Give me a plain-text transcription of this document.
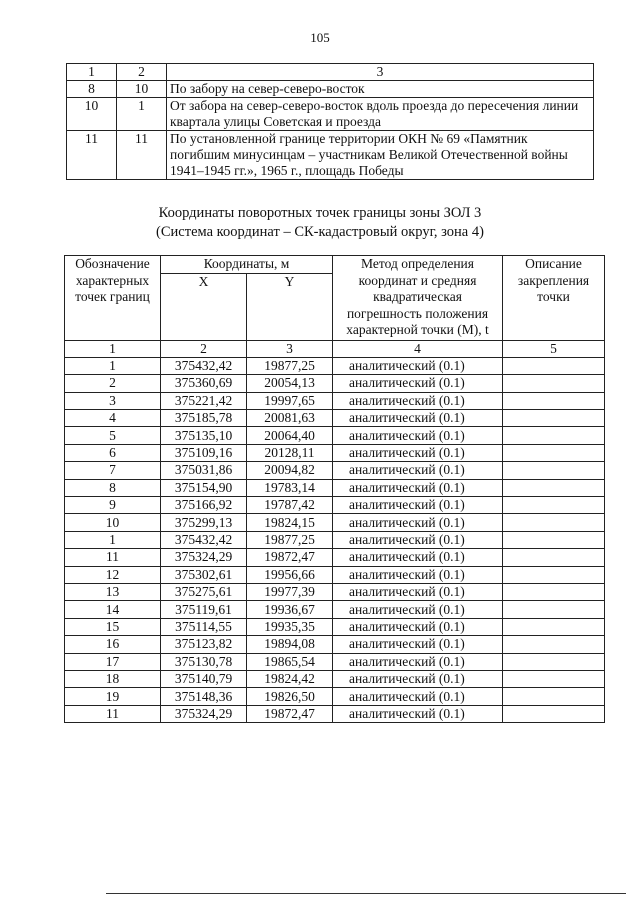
105
1	2	3
8	10	По забору на север-северо-восток
10	1	От забора на север-северо-восток вдоль проезда до пересечения линии квартала улицы Советская и проезда
11	11	По установленной границе территории ОКН № 69 «Памятник погибшим минусинцам – участникам Великой Отечественной войны 1941–1945 гг.», 1965 г., площадь Победы
Координаты поворотных точек границы зоны ЗОЛ 3
(Система координат – СК-кадастровый округ, зона 4)
Обозначение характерных точек границ	Координаты, м		Метод определения координат и средняя квадратическая погрешность положения характерной точки (М), t	Описание закрепления точки
	X	Y		
1	2	3	4	5
1	375432,42	19877,25	аналитический (0.1)	
2	375360,69	20054,13	аналитический (0.1)	
3	375221,42	19997,65	аналитический (0.1)	
4	375185,78	20081,63	аналитический (0.1)	
5	375135,10	20064,40	аналитический (0.1)	
6	375109,16	20128,11	аналитический (0.1)	
7	375031,86	20094,82	аналитический (0.1)	
8	375154,90	19783,14	аналитический (0.1)	
9	375166,92	19787,42	аналитический (0.1)	
10	375299,13	19824,15	аналитический (0.1)	
1	375432,42	19877,25	аналитический (0.1)	
11	375324,29	19872,47	аналитический (0.1)	
12	375302,61	19956,66	аналитический (0.1)	
13	375275,61	19977,39	аналитический (0.1)	
14	375119,61	19936,67	аналитический (0.1)	
15	375114,55	19935,35	аналитический (0.1)	
16	375123,82	19894,08	аналитический (0.1)	
17	375130,78	19865,54	аналитический (0.1)	
18	375140,79	19824,42	аналитический (0.1)	
19	375148,36	19826,50	аналитический (0.1)	
11	375324,29	19872,47	аналитический (0.1)	
